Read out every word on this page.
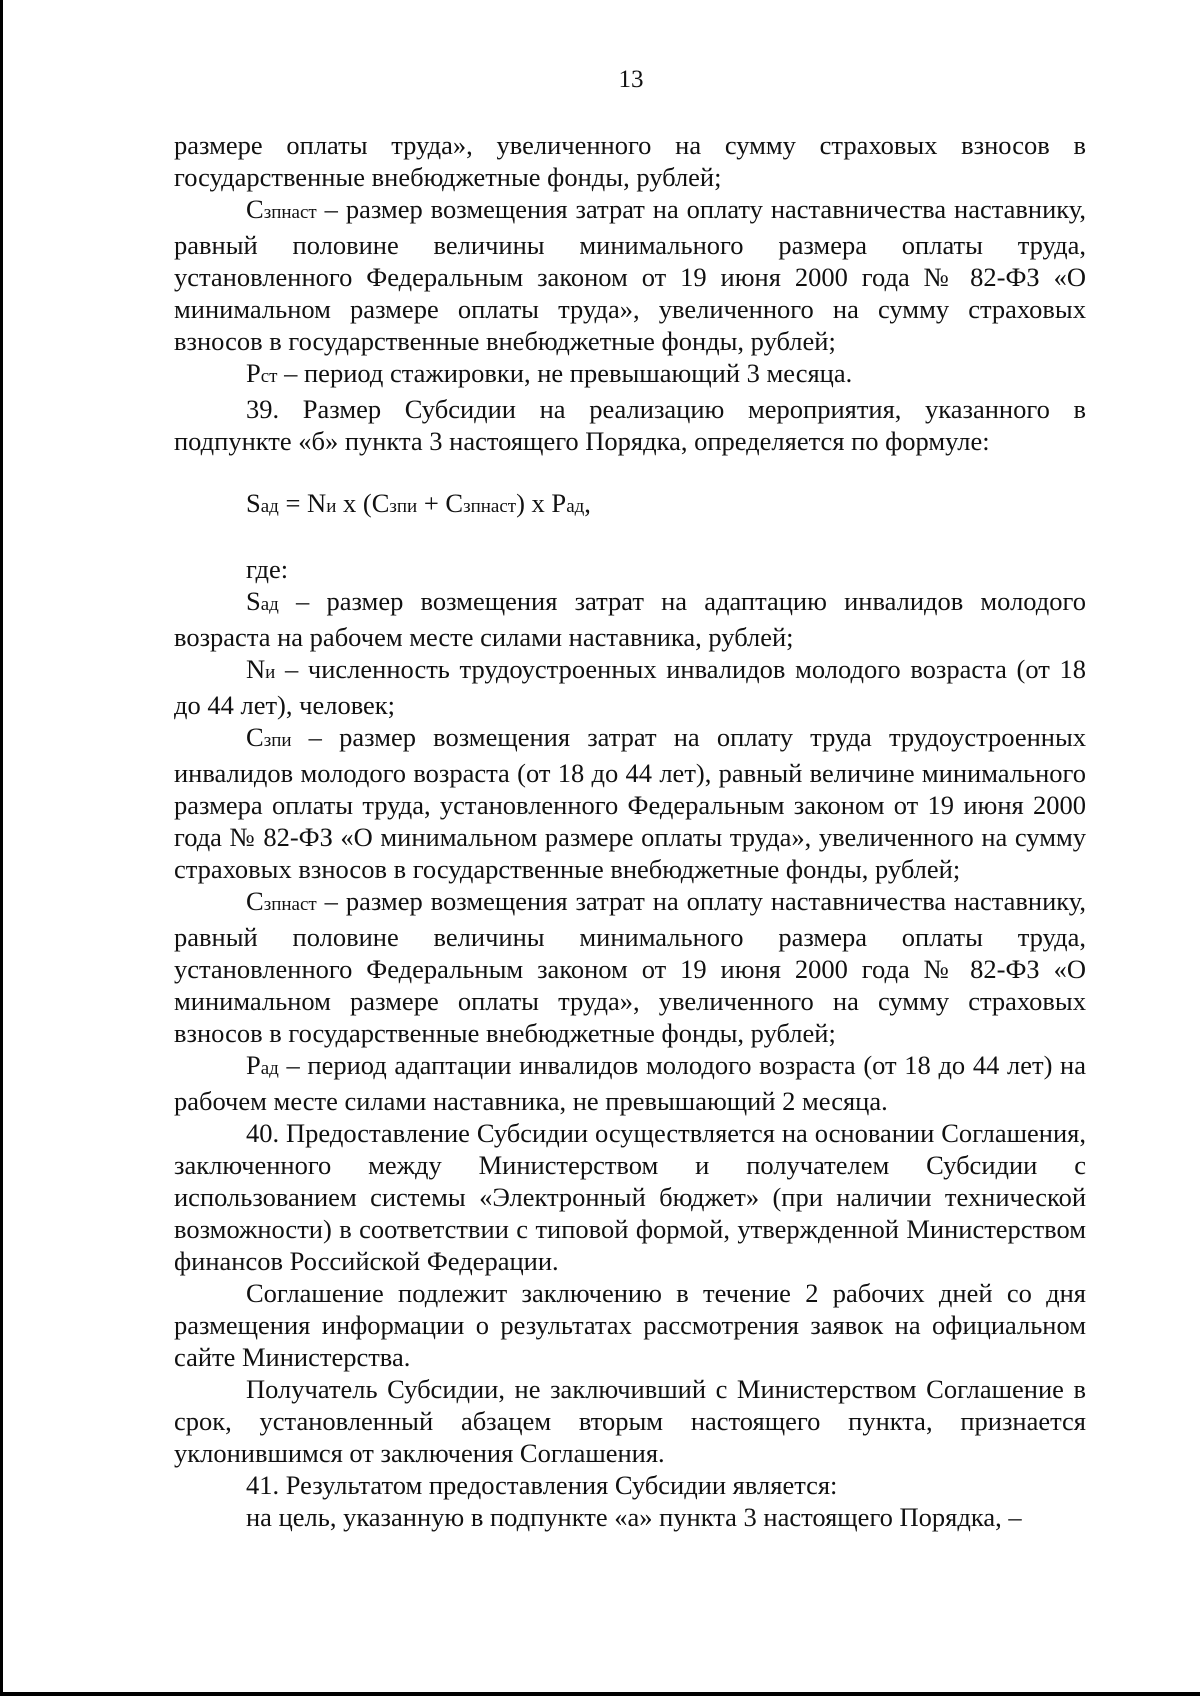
13

размере оплаты труда», увеличенного на сумму страховых взносов в государственные внебюджетные фонды, рублей;

Сзпнаст – размер возмещения затрат на оплату наставничества наставнику, равный половине величины минимального размера оплаты труда, установленного Федеральным законом от 19 июня 2000 года № 82-ФЗ «О минимальном размере оплаты труда», увеличенного на сумму страховых взносов в государственные внебюджетные фонды, рублей;

Рст – период стажировки, не превышающий 3 месяца.

39. Размер Субсидии на реализацию мероприятия, указанного в подпункте «б» пункта 3 настоящего Порядка, определяется по формуле:

Sад = Nи x (Сзпи + Сзпнаст) x Рад,

где:

Sад – размер возмещения затрат на адаптацию инвалидов молодого возраста на рабочем месте силами наставника, рублей;

Nи – численность трудоустроенных инвалидов молодого возраста (от 18 до 44 лет), человек;

Сзпи – размер возмещения затрат на оплату труда трудоустроенных инвалидов молодого возраста (от 18 до 44 лет), равный величине минимального размера оплаты труда, установленного Федеральным законом от 19 июня 2000 года № 82-ФЗ «О минимальном размере оплаты труда», увеличенного на сумму страховых взносов в государственные внебюджетные фонды, рублей;

Сзпнаст – размер возмещения затрат на оплату наставничества наставнику, равный половине величины минимального размера оплаты труда, установленного Федеральным законом от 19 июня 2000 года № 82-ФЗ «О минимальном размере оплаты труда», увеличенного на сумму страховых взносов в государственные внебюджетные фонды, рублей;

Рад – период адаптации инвалидов молодого возраста (от 18 до 44 лет) на рабочем месте силами наставника, не превышающий 2 месяца.

40. Предоставление Субсидии осуществляется на основании Соглашения, заключенного между Министерством и получателем Субсидии с использованием системы «Электронный бюджет» (при наличии технической возможности) в соответствии с типовой формой, утвержденной Министерством финансов Российской Федерации.

Соглашение подлежит заключению в течение 2 рабочих дней со дня размещения информации о результатах рассмотрения заявок на официальном сайте Министерства.

Получатель Субсидии, не заключивший с Министерством Соглашение в срок, установленный абзацем вторым настоящего пункта, признается уклонившимся от заключения Соглашения.

41. Результатом предоставления Субсидии является:

на цель, указанную в подпункте «а» пункта 3 настоящего Порядка, –
